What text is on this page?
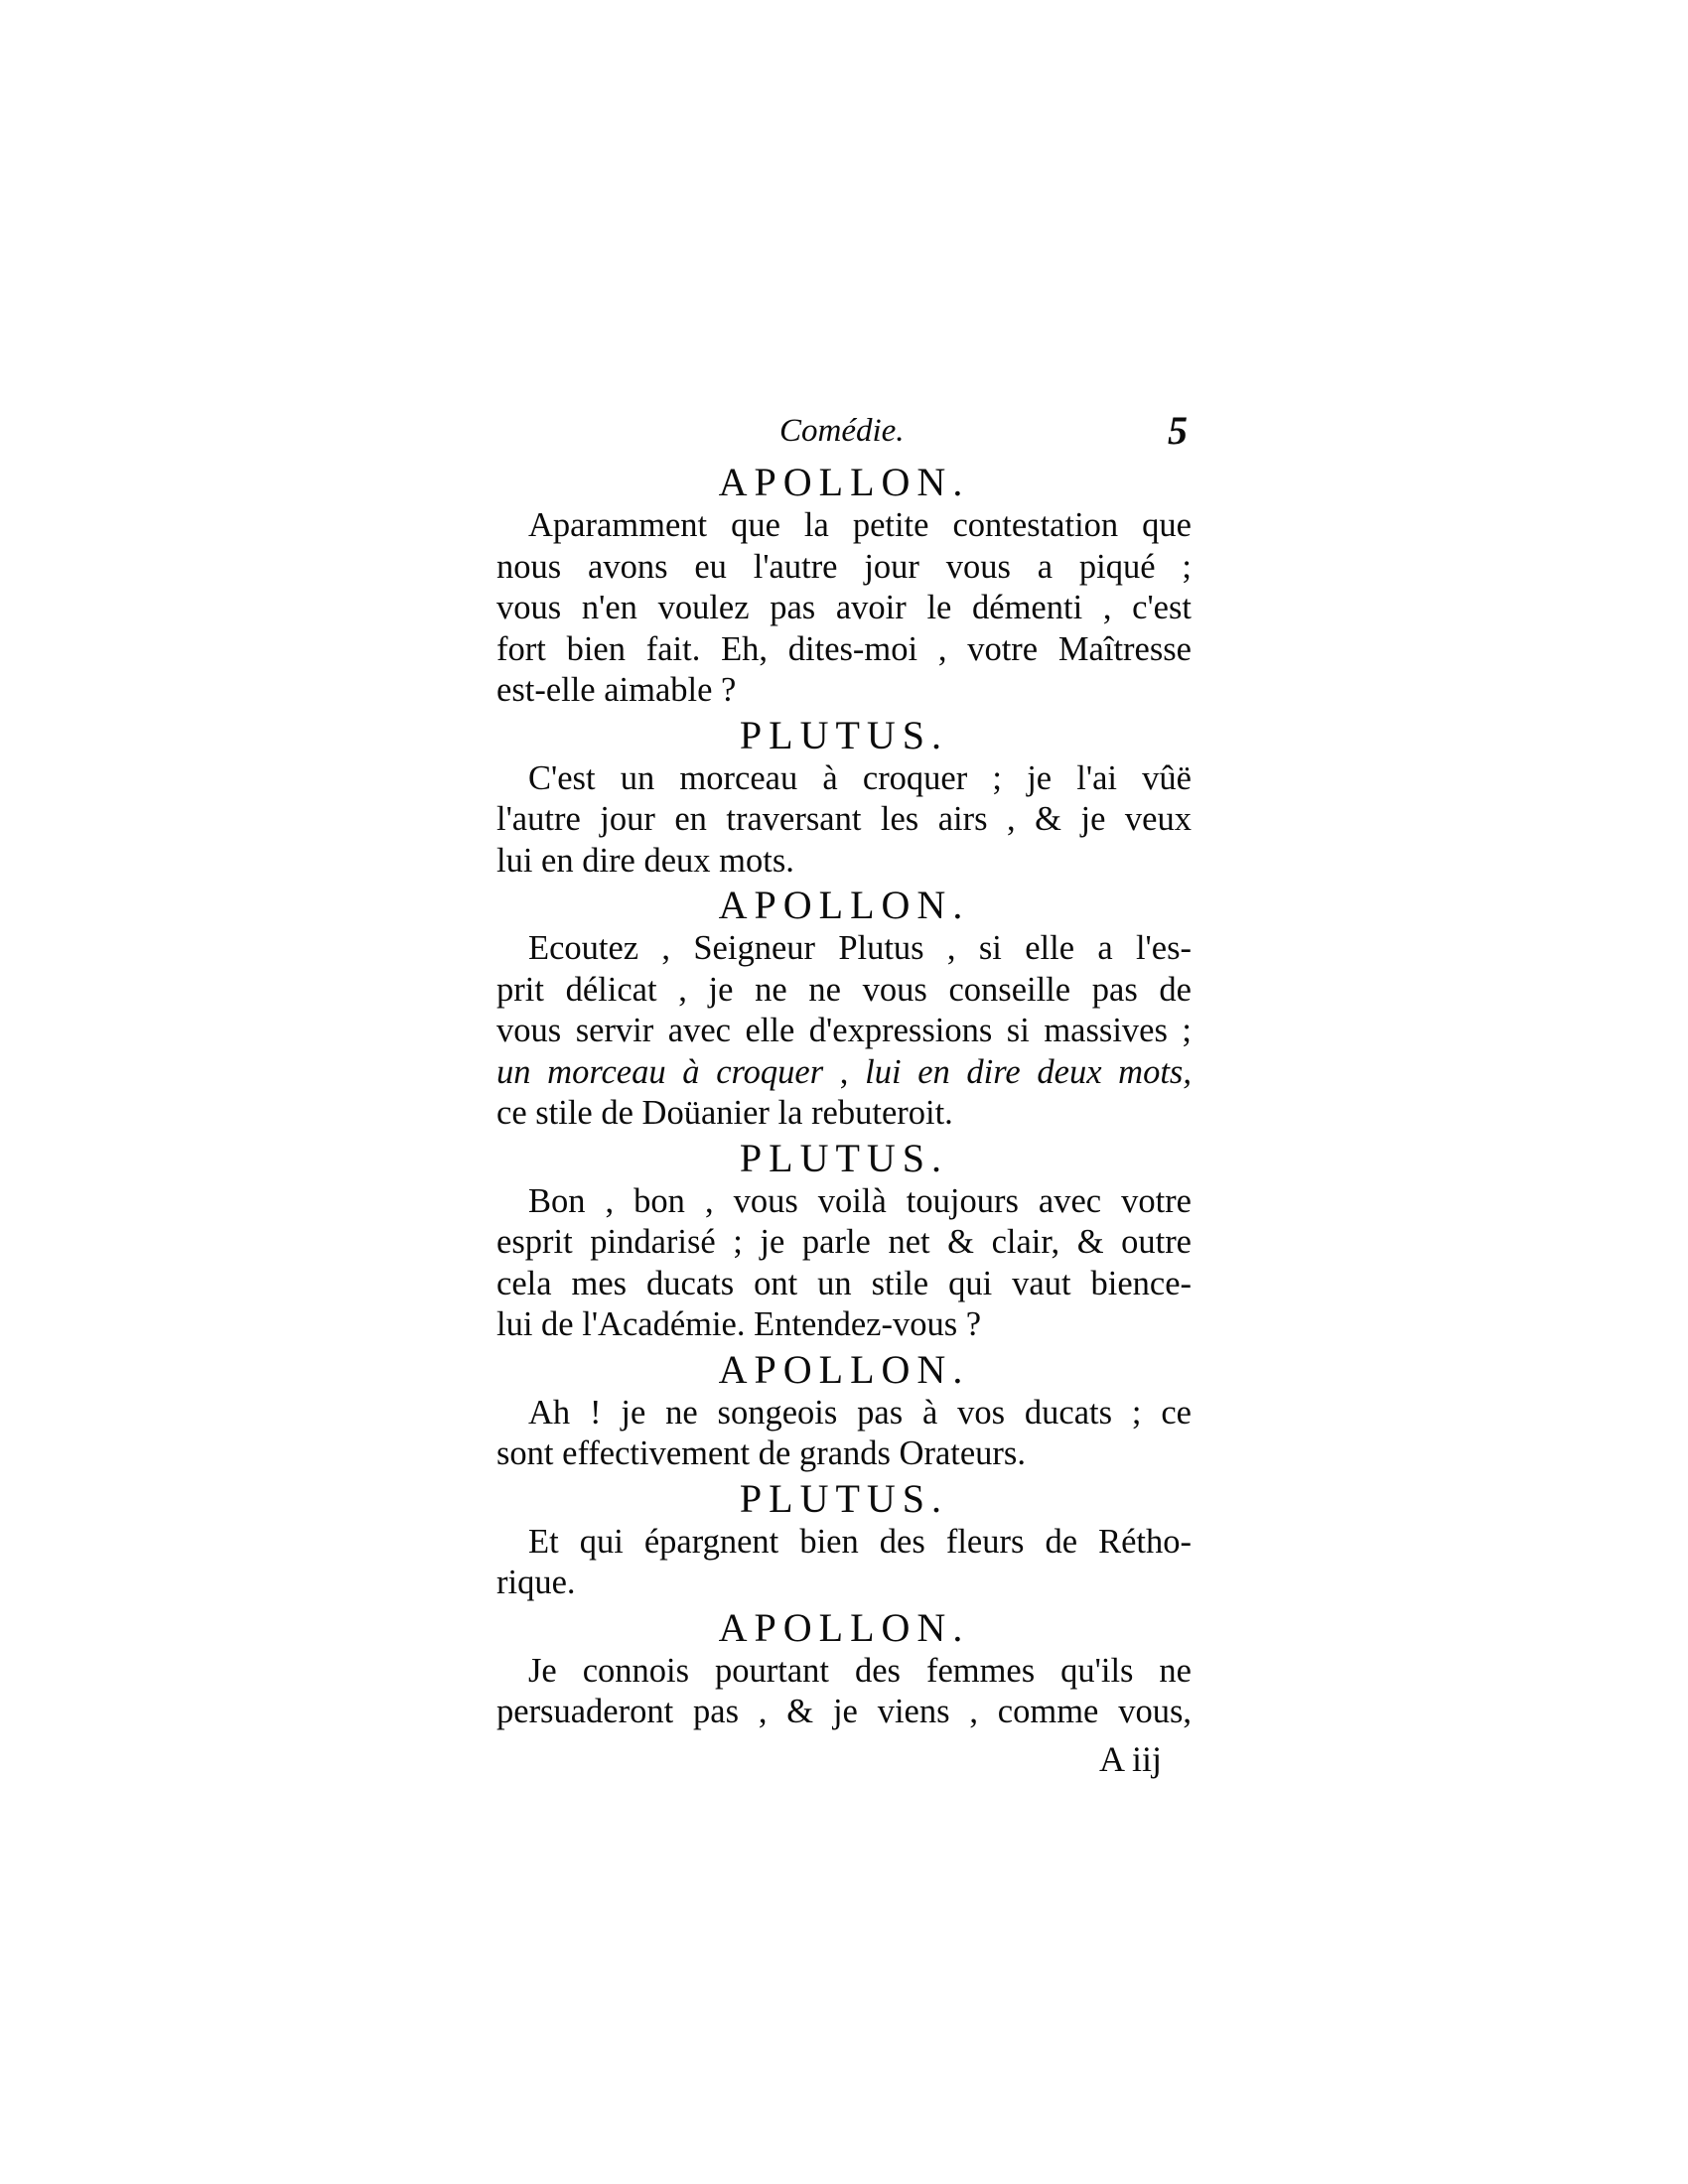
Comédie.	5
APOLLON.
Aparamment que la petite contestation que
nous avons eu l'autre jour vous a piqué ;
vous n'en voulez pas avoir le démenti , c'est
fort bien fait. Eh, dites-moi , votre Maîtresse
est-elle aimable ?
PLUTUS.
C'est un morceau à croquer ; je l'ai vûë
l'autre jour en traversant les airs , & je veux
lui en dire deux mots.
APOLLON.
Ecoutez , Seigneur Plutus , si elle a l'es-
prit délicat , je ne ne vous conseille pas de
vous servir avec elle d'expressions si massives ;
un morceau à croquer , lui en dire deux mots,
ce stile de Doüanier la rebuteroit.
PLUTUS.
Bon , bon , vous voilà toujours avec votre
esprit pindarisé ; je parle net & clair, & outre
cela mes ducats ont un stile qui vaut bience-
lui de l'Académie. Entendez-vous ?
APOLLON.
Ah ! je ne songeois pas à vos ducats ; ce
sont effectivement de grands Orateurs.
PLUTUS.
Et qui épargnent bien des fleurs de Rétho-
rique.
APOLLON.
Je connois pourtant des femmes qu'ils ne
persuaderont pas , & je viens , comme vous,
A iij
